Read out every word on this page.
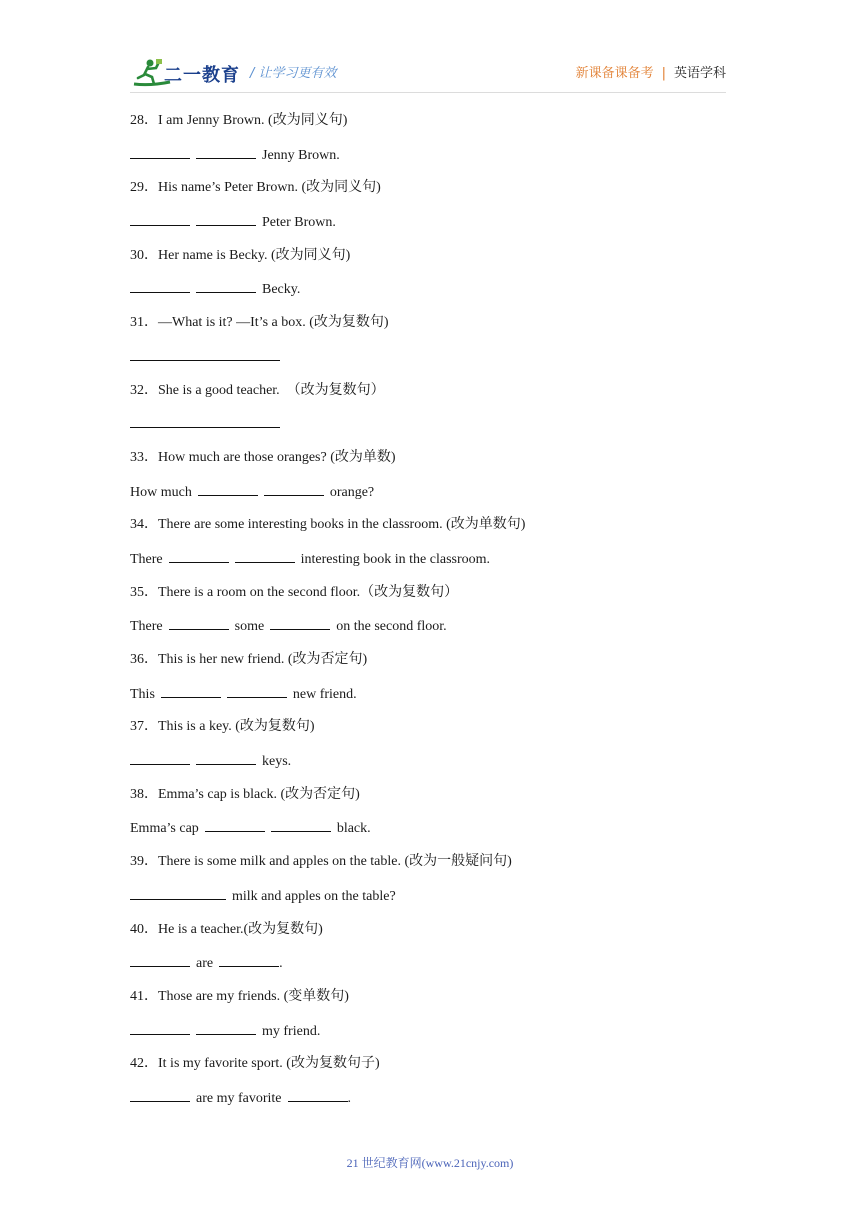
二一教育 / 让学习更有效	新课备课备考 | 英语学科
28．I am Jenny Brown. (改为同义句)
Jenny Brown.
29．His name’s Peter Brown. (改为同义句)
Peter Brown.
30．Her name is Becky. (改为同义句)
Becky.
31．—What is it? —It’s a box. (改为复数句)
32．She is a good teacher.  （改为复数句）
33．How much are those oranges? (改为单数)
How much	orange?
34．There are some interesting books in the classroom. (改为单数句)
There	interesting book in the classroom.
35．There is a room on the second floor.（改为复数句）
There	some	on the second floor.
36．This is her new friend. (改为否定句)
This	new friend.
37．This is a key. (改为复数句)
keys.
38．Emma’s cap is black. (改为否定句)
Emma’s cap	black.
39．There is some milk and apples on the table. (改为一般疑问句)
milk and apples on the table?
40．He is a teacher.(改为复数句)
are	.
41．Those are my friends. (变单数句)
my friend.
42．It is my favorite sport. (改为复数句子)
are my favorite	.
21 世纪教育网(www.21cnjy.com)
